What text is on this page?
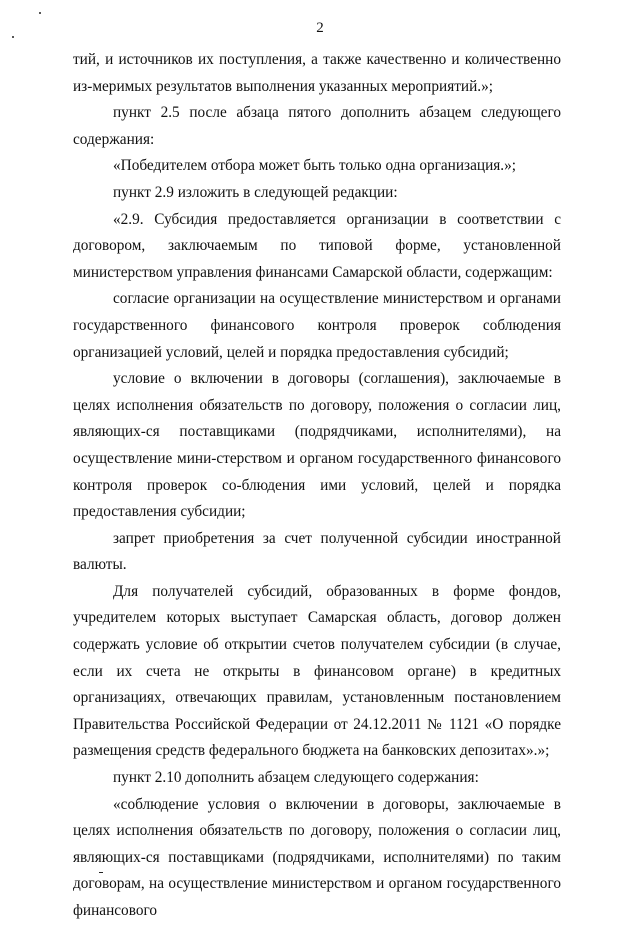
2

тий, и источников их поступления, а также качественно и количественно из-меримых результатов выполнения указанных мероприятий.»;

пункт 2.5 после абзаца пятого дополнить абзацем следующего содержания:

«Победителем отбора может быть только одна организация.»;

пункт 2.9 изложить в следующей редакции:

«2.9. Субсидия предоставляется организации в соответствии с договором, заключаемым по типовой форме, установленной министерством управления финансами Самарской области, содержащим:

согласие организации на осуществление министерством и органами государственного финансового контроля проверок соблюдения организацией условий, целей и порядка предоставления субсидий;

условие о включении в договоры (соглашения), заключаемые в целях исполнения обязательств по договору, положения о согласии лиц, являющих-ся поставщиками (подрядчиками, исполнителями), на осуществление мини-стерством и органом государственного финансового контроля проверок со-блюдения ими условий, целей и порядка предоставления субсидии;

запрет приобретения за счет полученной субсидии иностранной валюты.

Для получателей субсидий, образованных в форме фондов, учредителем которых выступает Самарская область, договор должен содержать условие об открытии счетов получателем субсидии (в случае, если их счета не открыты в финансовом органе) в кредитных организациях, отвечающих правилам, установленным постановлением Правительства Российской Федерации от 24.12.2011 № 1121 «О порядке размещения средств федерального бюджета на банковских депозитах».»;

пункт 2.10 дополнить абзацем следующего содержания:

«соблюдение условия о включении в договоры, заключаемые в целях исполнения обязательств по договору, положения о согласии лиц, являющих-ся поставщиками (подрядчиками, исполнителями) по таким договорам, на осуществление министерством и органом государственного финансового
